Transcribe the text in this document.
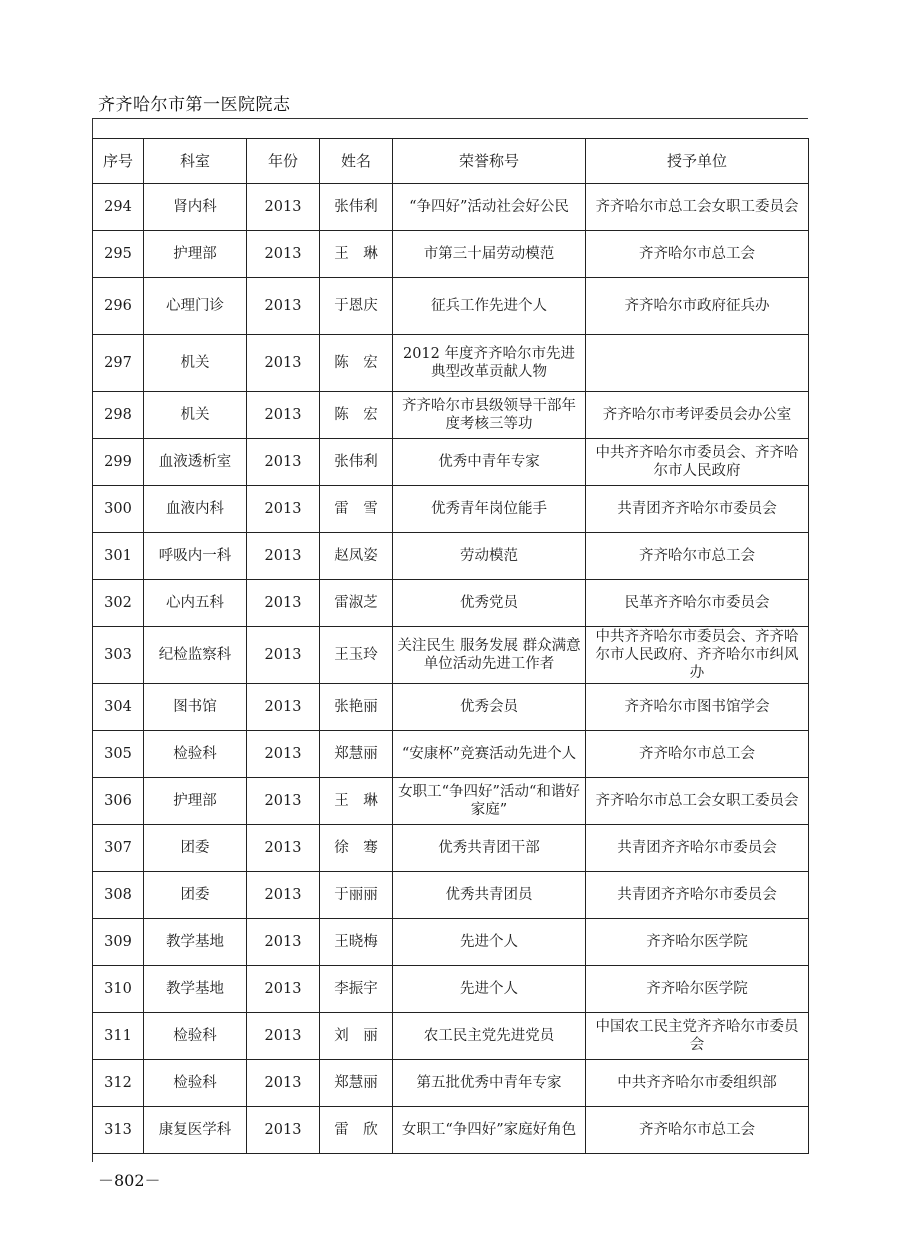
齐齐哈尔市第一医院院志
序号	科室	年份	姓名	荣誉称号	授予单位
294	肾内科	2013	张伟利	“争四好”活动社会好公民	齐齐哈尔市总工会女职工委员会
295	护理部	2013	王　琳	市第三十届劳动模范	齐齐哈尔市总工会
296	心理门诊	2013	于恩庆	征兵工作先进个人	齐齐哈尔市政府征兵办
297	机关	2013	陈　宏	2012 年度齐齐哈尔市先进典型改革贡献人物	
298	机关	2013	陈　宏	齐齐哈尔市县级领导干部年度考核三等功	齐齐哈尔市考评委员会办公室
299	血液透析室	2013	张伟利	优秀中青年专家	中共齐齐哈尔市委员会、齐齐哈尔市人民政府
300	血液内科	2013	雷　雪	优秀青年岗位能手	共青团齐齐哈尔市委员会
301	呼吸内一科	2013	赵凤姿	劳动模范	齐齐哈尔市总工会
302	心内五科	2013	雷淑芝	优秀党员	民革齐齐哈尔市委员会
303	纪检监察科	2013	王玉玲	关注民生 服务发展 群众满意单位活动先进工作者	中共齐齐哈尔市委员会、齐齐哈尔市人民政府、齐齐哈尔市纠风办
304	图书馆	2013	张艳丽	优秀会员	齐齐哈尔市图书馆学会
305	检验科	2013	郑慧丽	“安康杯”竞赛活动先进个人	齐齐哈尔市总工会
306	护理部	2013	王　琳	女职工“争四好”活动“和谐好家庭”	齐齐哈尔市总工会女职工委员会
307	团委	2013	徐　骞	优秀共青团干部	共青团齐齐哈尔市委员会
308	团委	2013	于丽丽	优秀共青团员	共青团齐齐哈尔市委员会
309	教学基地	2013	王晓梅	先进个人	齐齐哈尔医学院
310	教学基地	2013	李振宇	先进个人	齐齐哈尔医学院
311	检验科	2013	刘　丽	农工民主党先进党员	中国农工民主党齐齐哈尔市委员会
312	检验科	2013	郑慧丽	第五批优秀中青年专家	中共齐齐哈尔市委组织部
313	康复医学科	2013	雷　欣	女职工“争四好”家庭好角色	齐齐哈尔市总工会
－802－
